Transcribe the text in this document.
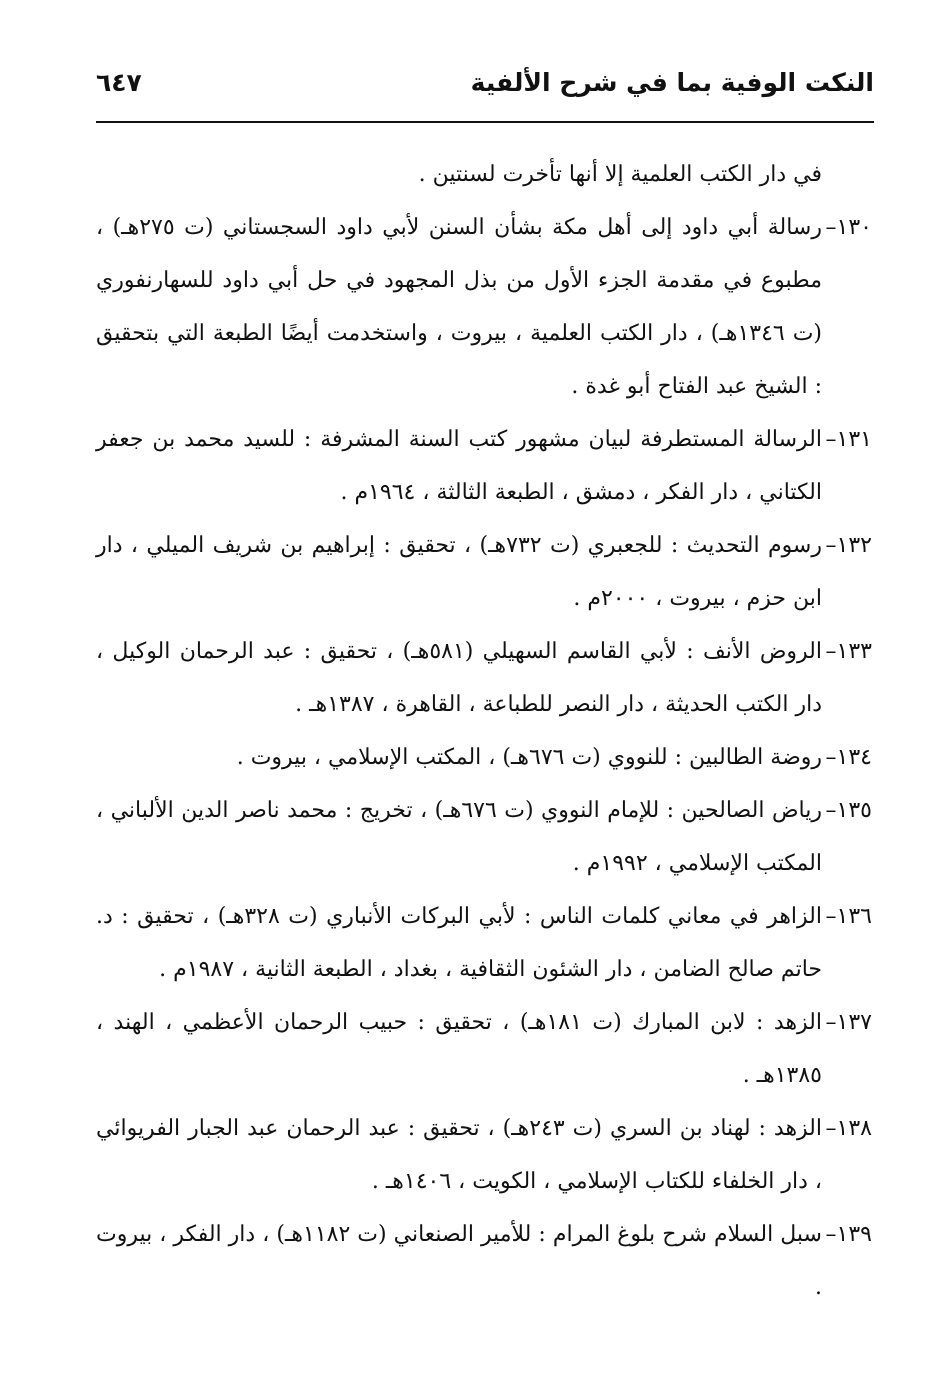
النكت الوفية بما في شرح الألفية
٦٤٧
في دار الكتب العلمية إلا أنها تأخرت لسنتين .
١٣٠–
رسالة أبي داود إلى أهل مكة بشأن السنن لأبي داود السجستاني (ت ٢٧٥هـ) ، مطبوع في مقدمة الجزء الأول من بذل المجهود في حل أبي داود للسهارنفوري (ت ١٣٤٦هـ) ، دار الكتب العلمية ، بيروت ، واستخدمت أيضًا الطبعة التي بتحقيق : الشيخ عبد الفتاح أبو غدة .
١٣١–
الرسالة المستطرفة لبيان مشهور كتب السنة المشرفة : للسيد محمد بن جعفر الكتاني ، دار الفكر ، دمشق ، الطبعة الثالثة ، ١٩٦٤م .
١٣٢–
رسوم التحديث : للجعبري (ت ٧٣٢هـ) ، تحقيق : إبراهيم بن شريف الميلي ، دار ابن حزم ، بيروت ، ٢٠٠٠م .
١٣٣–
الروض الأنف : لأبي القاسم السهيلي (٥٨١هـ) ، تحقيق : عبد الرحمان الوكيل ، دار الكتب الحديثة ، دار النصر للطباعة ، القاهرة ، ١٣٨٧هـ .
١٣٤–
روضة الطالبين : للنووي (ت ٦٧٦هـ) ، المكتب الإسلامي ، بيروت .
١٣٥–
رياض الصالحين : للإمام النووي (ت ٦٧٦هـ) ، تخريج : محمد ناصر الدين الألباني ، المكتب الإسلامي ، ١٩٩٢م .
١٣٦–
الزاهر في معاني كلمات الناس : لأبي البركات الأنباري (ت ٣٢٨هـ) ، تحقيق : د. حاتم صالح الضامن ، دار الشئون الثقافية ، بغداد ، الطبعة الثانية ، ١٩٨٧م .
١٣٧–
الزهد : لابن المبارك (ت ١٨١هـ) ، تحقيق : حبيب الرحمان الأعظمي ، الهند ، ١٣٨٥هـ .
١٣٨–
الزهد : لهناد بن السري (ت ٢٤٣هـ) ، تحقيق : عبد الرحمان عبد الجبار الفريوائي ، دار الخلفاء للكتاب الإسلامي ، الكويت ، ١٤٠٦هـ .
١٣٩–
سبل السلام شرح بلوغ المرام : للأمير الصنعاني (ت ١١٨٢هـ) ، دار الفكر ، بيروت .
